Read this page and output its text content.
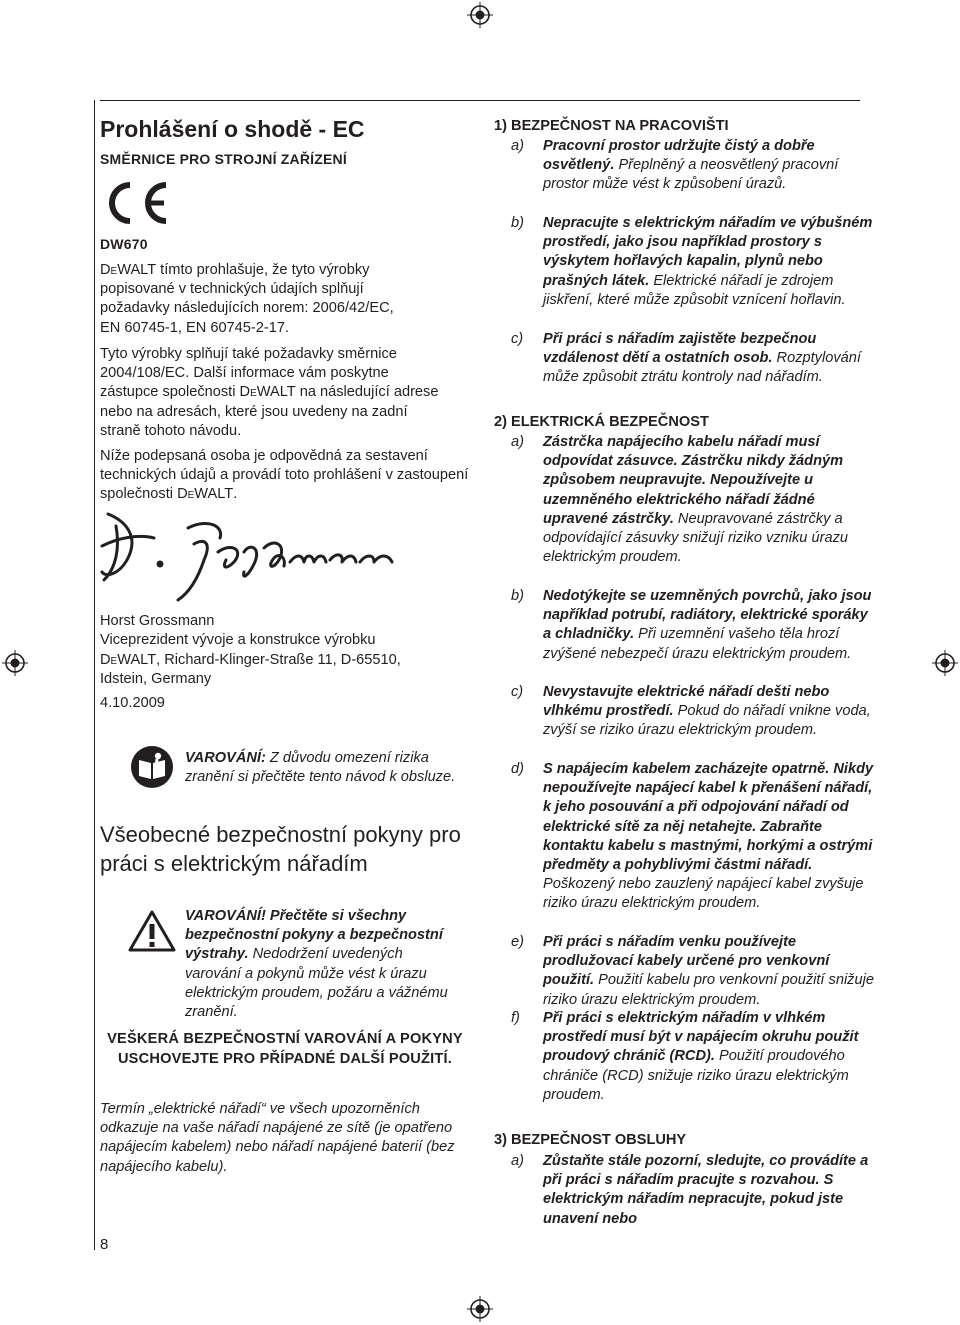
Prohlášení o shodě - EC
SMĚRNICE PRO STROJNÍ ZAŘÍZENÍ
DW670
DeWALT tímto prohlašuje, že tyto výrobky popisované v technických údajích splňují požadavky následujících norem: 2006/42/EC, EN 60745-1, EN 60745-2-17.
Tyto výrobky splňují také požadavky směrnice 2004/108/EC. Další informace vám poskytne zástupce společnosti DeWALT na následující adrese nebo na adresách, které jsou uvedeny na zadní straně tohoto návodu.
Níže podepsaná osoba je odpovědná za sestavení technických údajů a provádí toto prohlášení v zastoupení společnosti DeWALT.
Horst Grossmann
Viceprezident vývoje a konstrukce výrobku
DeWALT, Richard-Klinger-Straße 11, D-65510,
Idstein, Germany
4.10.2009
VAROVÁNÍ: Z důvodu omezení rizika zranění si přečtěte tento návod k obsluze.
Všeobecné bezpečnostní pokyny pro práci s elektrickým nářadím
VAROVÁNÍ! Přečtěte si všechny bezpečnostní pokyny a bezpečnostní výstrahy. Nedodržení uvedených varování a pokynů může vést k úrazu elektrickým proudem, požáru a vážnému zranění.
VEŠKERÁ BEZPEČNOSTNÍ VAROVÁNÍ A POKYNY USCHOVEJTE PRO PŘÍPADNÉ DALŠÍ POUŽITÍ.
Termín „elektrické nářadí“ ve všech upozorněních odkazuje na vaše nářadí napájené ze sítě (je opatřeno napájecím kabelem) nebo nářadí napájené baterií (bez napájecího kabelu).
8
1) BEZPEČNOST NA PRACOVIŠTI
a) Pracovní prostor udržujte čistý a dobře osvětlený. Přeplněný a neosvětlený pracovní prostor může vést k způsobení úrazů.
b) Nepracujte s elektrickým nářadím ve výbušném prostředí, jako jsou například prostory s výskytem hořlavých kapalin, plynů nebo prašných látek. Elektrické nářadí je zdrojem jiskření, které může způsobit vznícení hořlavin.
c) Při práci s nářadím zajistěte bezpečnou vzdálenost dětí a ostatních osob. Rozptylování může způsobit ztrátu kontroly nad nářadím.
2) ELEKTRICKÁ BEZPEČNOST
a) Zástrčka napájecího kabelu nářadí musí odpovídat zásuvce. Zástrčku nikdy žádným způsobem neupravujte. Nepoužívejte u uzemněného elektrického nářadí žádné upravené zástrčky. Neupravované zástrčky a odpovídající zásuvky snižují riziko vzniku úrazu elektrickým proudem.
b) Nedotýkejte se uzemněných povrchů, jako jsou například potrubí, radiátory, elektrické sporáky a chladničky. Při uzemnění vašeho těla hrozí zvýšené nebezpečí úrazu elektrickým proudem.
c) Nevystavujte elektrické nářadí dešti nebo vlhkému prostředí. Pokud do nářadí vnikne voda, zvýší se riziko úrazu elektrickým proudem.
d) S napájecím kabelem zacházejte opatrně. Nikdy nepoužívejte napájecí kabel k přenášení nářadí, k jeho posouvání a při odpojování nářadí od elektrické sítě za něj netahejte. Zabraňte kontaktu kabelu s mastnými, horkými a ostrými předměty a pohyblivými částmi nářadí. Poškozený nebo zauzlený napájecí kabel zvyšuje riziko úrazu elektrickým proudem.
e) Při práci s nářadím venku používejte prodlužovací kabely určené pro venkovní použití. Použití kabelu pro venkovní použití snižuje riziko úrazu elektrickým proudem.
f) Při práci s elektrickým nářadím v vlhkém prostředí musí být v napájecím okruhu použit proudový chránič (RCD). Použití proudového chrániče (RCD) snižuje riziko úrazu elektrickým proudem.
3) BEZPEČNOST OBSLUHY
a) Zůstaňte stále pozorní, sledujte, co provádíte a při práci s nářadím pracujte s rozvahou. S elektrickým nářadím nepracujte, pokud jste unavení nebo
